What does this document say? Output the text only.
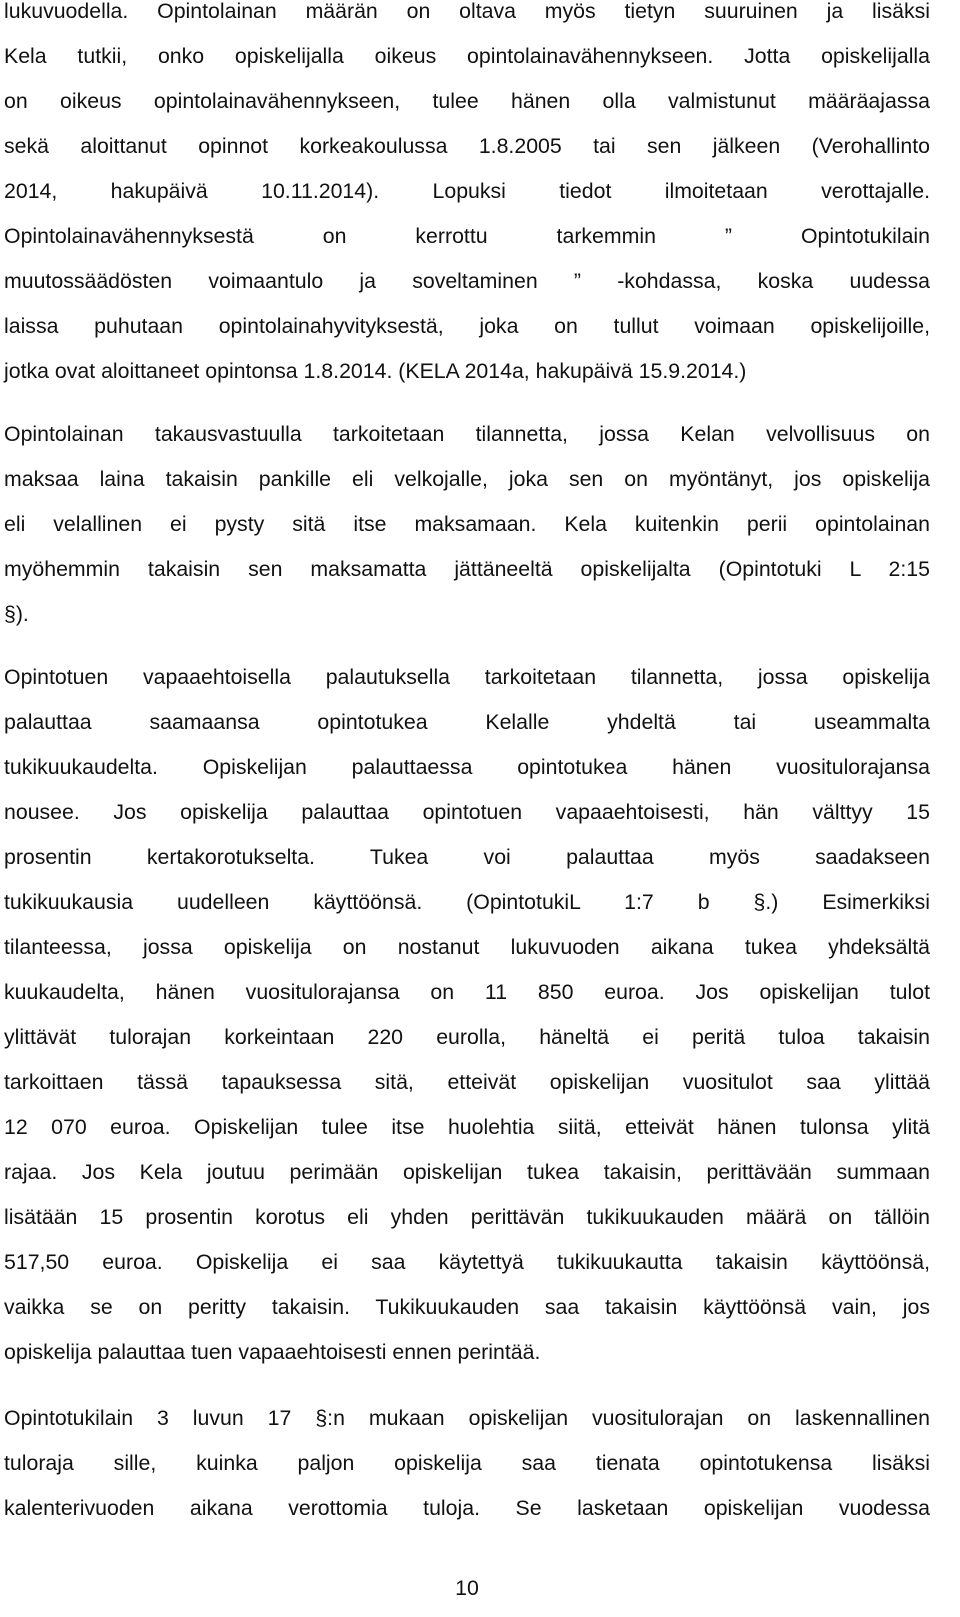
lukuvuodella. Opintolainan määrän on oltava myös tietyn suuruinen ja lisäksi
Kela tutkii, onko opiskelijalla oikeus opintolainavähennykseen. Jotta opiskelijalla
on oikeus opintolainavähennykseen, tulee hänen olla valmistunut määräajassa
sekä aloittanut opinnot korkeakoulussa 1.8.2005 tai sen jälkeen (Verohallinto
2014, hakupäivä 10.11.2014). Lopuksi tiedot ilmoitetaan verottajalle.
Opintolainavähennyksestä on kerrottu tarkemmin ” Opintotukilain
muutossäädösten voimaantulo ja soveltaminen ” -kohdassa, koska uudessa
laissa puhutaan opintolainahyvityksestä, joka on tullut voimaan opiskelijoille,
jotka ovat aloittaneet opintonsa 1.8.2014. (KELA 2014a, hakupäivä 15.9.2014.)
Opintolainan takausvastuulla tarkoitetaan tilannetta, jossa Kelan velvollisuus on
maksaa laina takaisin pankille eli velkojalle, joka sen on myöntänyt, jos opiskelija
eli velallinen ei pysty sitä itse maksamaan. Kela kuitenkin perii opintolainan
myöhemmin takaisin sen maksamatta jättäneeltä opiskelijalta (Opintotuki L 2:15
§).
Opintotuen vapaaehtoisella palautuksella tarkoitetaan tilannetta, jossa opiskelija
palauttaa saamaansa opintotukea Kelalle yhdeltä tai useammalta
tukikuukaudelta. Opiskelijan palauttaessa opintotukea hänen vuositulorajansa
nousee. Jos opiskelija palauttaa opintotuen vapaaehtoisesti, hän välttyy 15
prosentin kertakorotukselta. Tukea voi palauttaa myös saadakseen
tukikuukausia uudelleen käyttöönsä. (OpintotukiL 1:7 b §.) Esimerkiksi
tilanteessa, jossa opiskelija on nostanut lukuvuoden aikana tukea yhdeksältä
kuukaudelta, hänen vuositulorajansa on 11 850 euroa. Jos opiskelijan tulot
ylittävät tulorajan korkeintaan 220 eurolla, häneltä ei peritä tuloa takaisin
tarkoittaen tässä tapauksessa sitä, etteivät opiskelijan vuositulot saa ylittää
12 070 euroa. Opiskelijan tulee itse huolehtia siitä, etteivät hänen tulonsa ylitä
rajaa. Jos Kela joutuu perimään opiskelijan tukea takaisin, perittävään summaan
lisätään 15 prosentin korotus eli yhden perittävän tukikuukauden määrä on tällöin
517,50 euroa. Opiskelija ei saa käytettyä tukikuukautta takaisin käyttöönsä,
vaikka se on peritty takaisin. Tukikuukauden saa takaisin käyttöönsä vain, jos
opiskelija palauttaa tuen vapaaehtoisesti ennen perintää.
Opintotukilain 3 luvun 17 §:n mukaan opiskelijan vuositulorajan on laskennallinen
tuloraja sille, kuinka paljon opiskelija saa tienata opintotukensa lisäksi
kalenterivuoden aikana verottomia tuloja. Se lasketaan opiskelijan vuodessa
10
